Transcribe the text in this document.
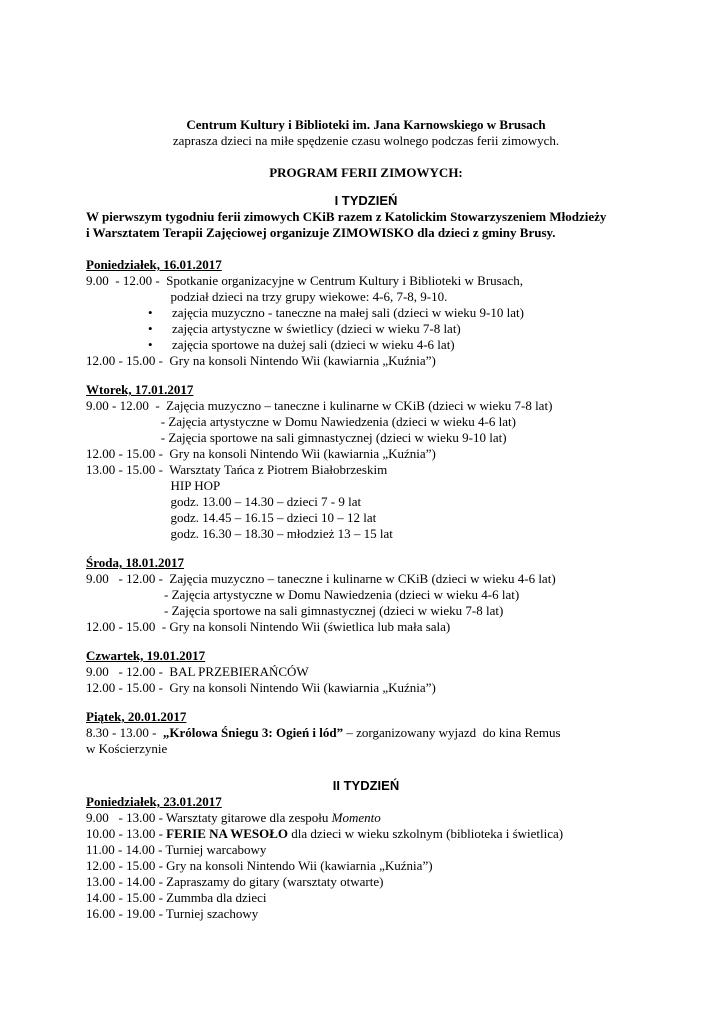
Centrum Kultury i Biblioteki im. Jana Karnowskiego w Brusach
zaprasza dzieci na miłe spędzenie czasu wolnego podczas ferii zimowych.
PROGRAM FERII ZIMOWYCH:
I TYDZIEŃ
W pierwszym tygodniu ferii zimowych CKiB razem z Katolickim Stowarzyszeniem Młodzieży
i Warsztatem Terapii Zajęciowej organizuje ZIMOWISKO dla dzieci z gminy Brusy.
Poniedziałek, 16.01.2017
9.00  - 12.00 -  Spotkanie organizacyjne w Centrum Kultury i Biblioteki w Brusach,
podział dzieci na trzy grupy wiekowe: 4-6, 7-8, 9-10.
• zajęcia muzyczno - taneczne na małej sali (dzieci w wieku 9-10 lat)
• zajęcia artystyczne w świetlicy (dzieci w wieku 7-8 lat)
• zajęcia sportowe na dużej sali (dzieci w wieku 4-6 lat)
12.00 - 15.00 -  Gry na konsoli Nintendo Wii (kawiarnia „Kuźnia”)
Wtorek, 17.01.2017
9.00 - 12.00  -  Zajęcia muzyczno – taneczne i kulinarne w CKiB (dzieci w wieku 7-8 lat)
- Zajęcia artystyczne w Domu Nawiedzenia (dzieci w wieku 4-6 lat)
- Zajęcia sportowe na sali gimnastycznej (dzieci w wieku 9-10 lat)
12.00 - 15.00 -  Gry na konsoli Nintendo Wii (kawiarnia „Kuźnia”)
13.00 - 15.00 -  Warsztaty Tańca z Piotrem Białobrzeskim
HIP HOP
godz. 13.00 – 14.30 – dzieci 7 - 9 lat
godz. 14.45 – 16.15 – dzieci 10 – 12 lat
godz. 16.30 – 18.30 – młodzież 13 – 15 lat
Środa, 18.01.2017
9.00   - 12.00 -  Zajęcia muzyczno – taneczne i kulinarne w CKiB (dzieci w wieku 4-6 lat)
- Zajęcia artystyczne w Domu Nawiedzenia (dzieci w wieku 4-6 lat)
- Zajęcia sportowe na sali gimnastycznej (dzieci w wieku 7-8 lat)
12.00 - 15.00  - Gry na konsoli Nintendo Wii (świetlica lub mała sala)
Czwartek, 19.01.2017
9.00   - 12.00 -  BAL PRZEBIERAŃCÓW
12.00 - 15.00 -  Gry na konsoli Nintendo Wii (kawiarnia „Kuźnia”)
Piątek, 20.01.2017
8.30 - 13.00 -  „Królowa Śniegu 3: Ogień i lód” – zorganizowany wyjazd  do kina Remus
w Kościerzynie
II TYDZIEŃ
Poniedziałek, 23.01.2017
9.00   - 13.00 - Warsztaty gitarowe dla zespołu Momento
10.00 - 13.00 - FERIE NA WESOŁO dla dzieci w wieku szkolnym (biblioteka i świetlica)
11.00 - 14.00 - Turniej warcabowy
12.00 - 15.00 - Gry na konsoli Nintendo Wii (kawiarnia „Kuźnia”)
13.00 - 14.00 - Zapraszamy do gitary (warsztaty otwarte)
14.00 - 15.00 - Zummba dla dzieci
16.00 - 19.00 - Turniej szachowy
